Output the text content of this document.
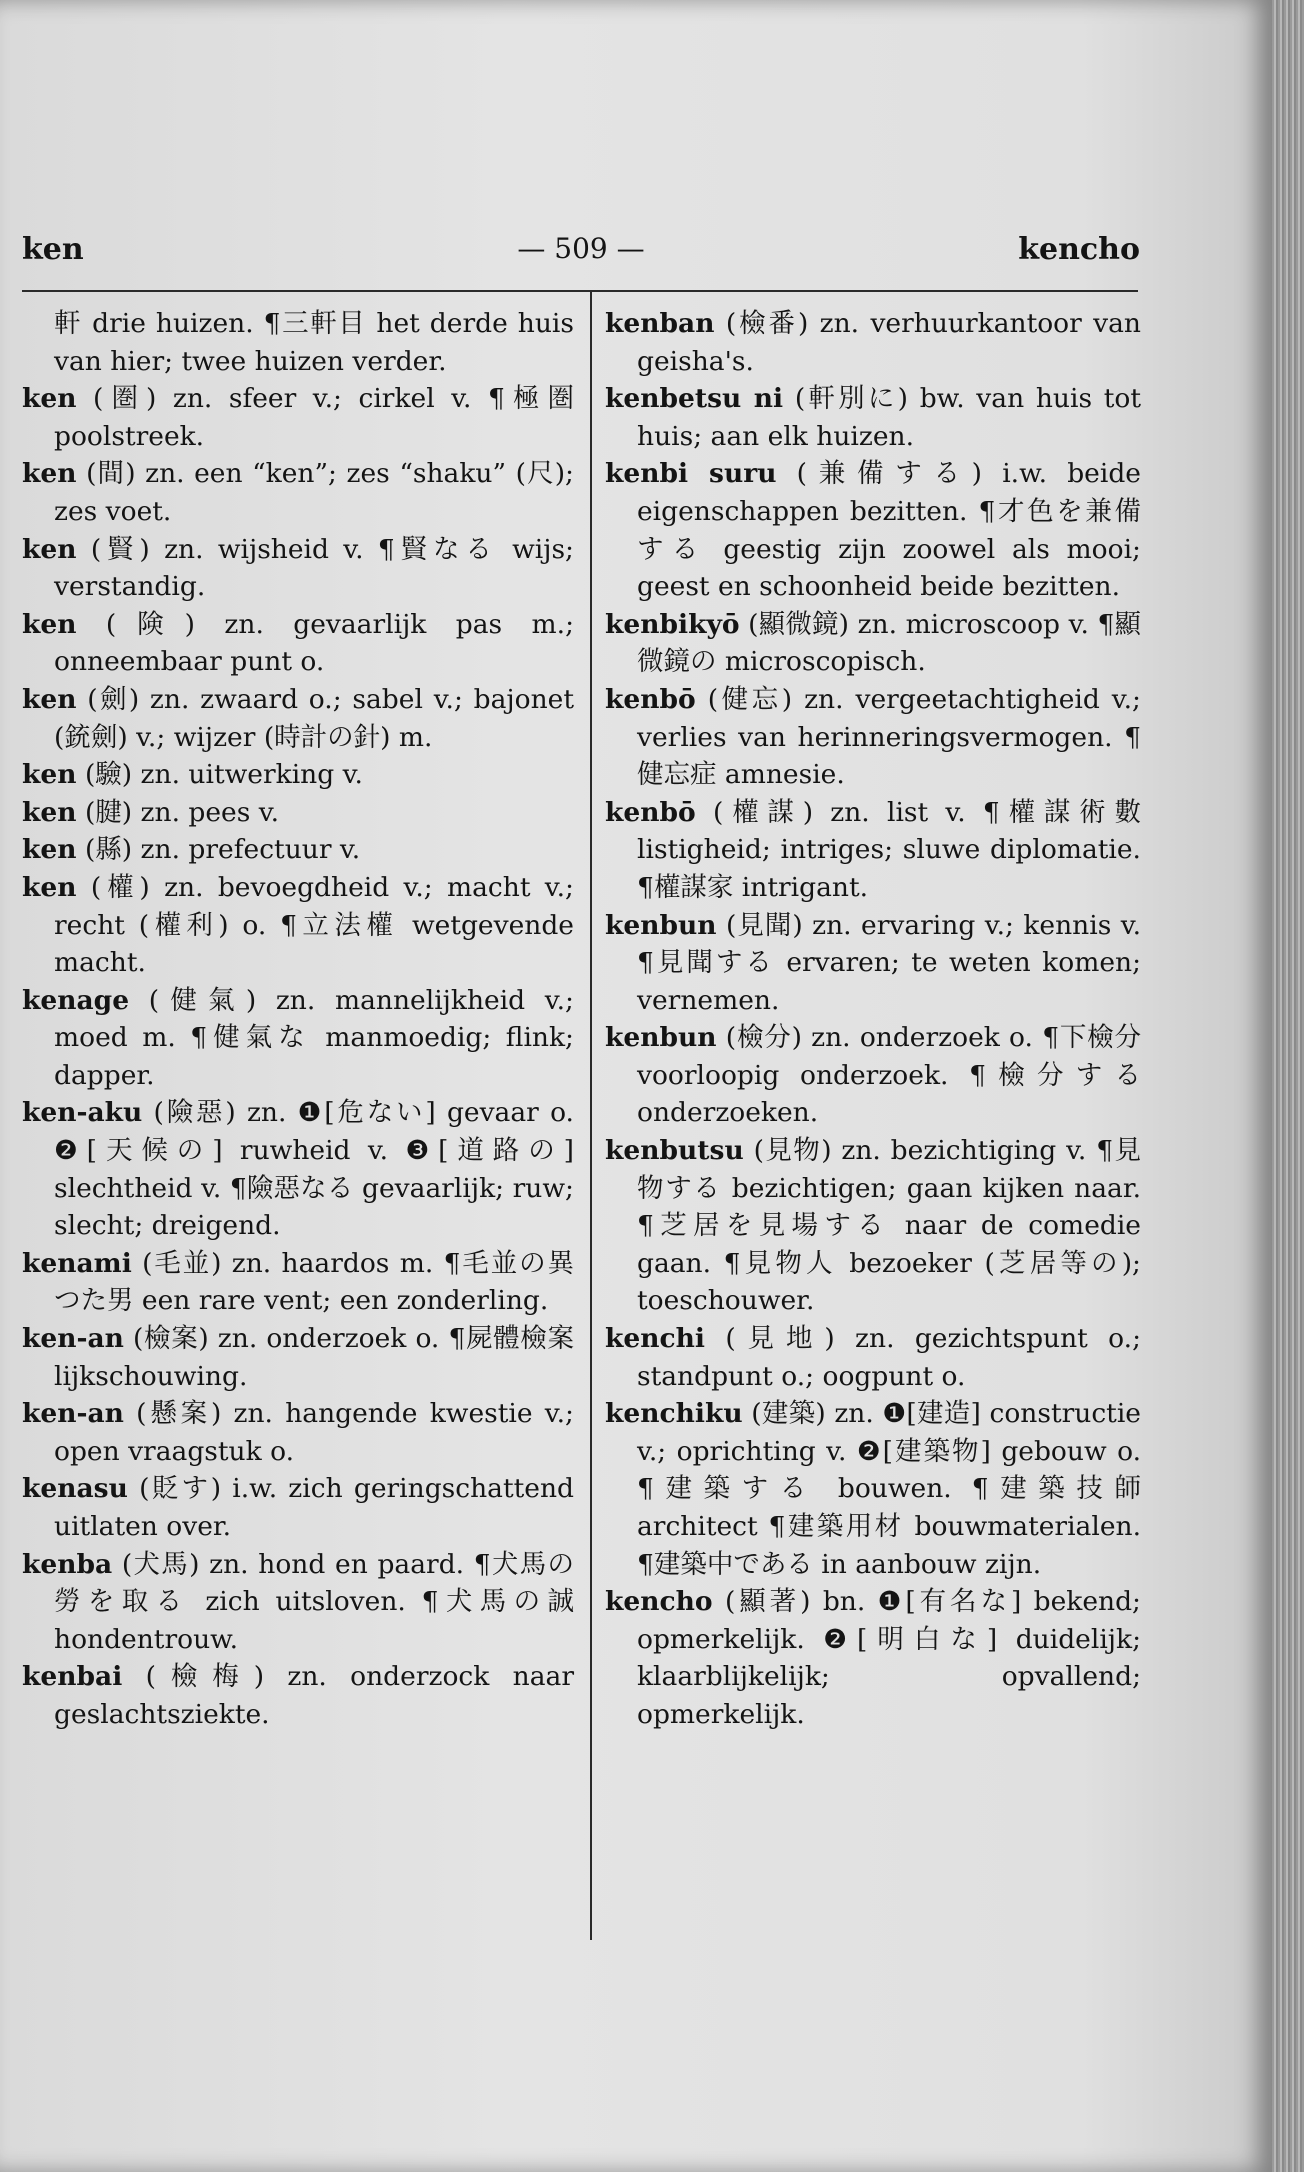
ken	— 509 —	kencho

軒 drie huizen. ¶三軒目 het derde huis van hier; twee huizen verder.

ken (圏) zn. sfeer v.; cirkel v. ¶極圏 poolstreek.

ken (間) zn. een “ken”; zes “shaku” (尺); zes voet.

ken (賢) zn. wijsheid v. ¶賢なる wijs; verstandig.

ken (険) zn. gevaarlijk pas m.; onneembaar punt o.

ken (劍) zn. zwaard o.; sabel v.; bajonet (銃劍) v.; wijzer (時計の針) m.

ken (驗) zn. uitwerking v.

ken (腱) zn. pees v.

ken (縣) zn. prefectuur v.

ken (權) zn. bevoegdheid v.; macht v.; recht (權利) o. ¶立法權 wetgevende macht.

kenage (健氣) zn. mannelijkheid v.; moed m. ¶健氣な manmoedig; flink; dapper.

ken-aku (險惡) zn. ❶[危ない] gevaar o. ❷[天候の] ruwheid v. ❸[道路の] slechtheid v. ¶險惡なる gevaarlijk; ruw; slecht; dreigend.

kenami (毛並) zn. haardos m. ¶毛並の異つた男 een rare vent; een zonderling.

ken-an (檢案) zn. onderzoek o. ¶屍體檢案 lijkschouwing.

ken-an (懸案) zn. hangende kwestie v.; open vraagstuk o.

kenasu (貶す) i.w. zich geringschattend uitlaten over.

kenba (犬馬) zn. hond en paard. ¶犬馬の勞を取る zich uitsloven. ¶犬馬の誠 hondentrouw.

kenbai (檢梅) zn. onderzock naar geslachtsziekte.

kenban (檢番) zn. verhuurkantoor van geisha's.

kenbetsu ni (軒別に) bw. van huis tot huis; aan elk huizen.

kenbi suru (兼備する) i.w. beide eigenschappen bezitten. ¶才色を兼備する geestig zijn zoowel als mooi; geest en schoonheid beide bezitten.

kenbikyō (顯微鏡) zn. microscoop v. ¶顯微鏡の microscopisch.

kenbō (健忘) zn. vergeetachtigheid v.; verlies van herinneringsvermogen. ¶健忘症 amnesie.

kenbō (權謀) zn. list v. ¶權謀術數 listigheid; intriges; sluwe diplomatie. ¶權謀家 intrigant.

kenbun (見聞) zn. ervaring v.; kennis v. ¶見聞する ervaren; te weten komen; vernemen.

kenbun (檢分) zn. onderzoek o. ¶下檢分 voorloopig onderzoek. ¶檢分する onderzoeken.

kenbutsu (見物) zn. bezichtiging v. ¶見物する bezichtigen; gaan kijken naar. ¶芝居を見場する naar de comedie gaan. ¶見物人 bezoeker (芝居等の); toeschouwer.

kenchi (見地) zn. gezichtspunt o.; standpunt o.; oogpunt o.

kenchiku (建築) zn. ❶[建造] constructie v.; oprichting v. ❷[建築物] gebouw o. ¶建築する bouwen. ¶建築技師 architect ¶建築用材 bouwmaterialen. ¶建築中である in aanbouw zijn.

kencho (顯著) bn. ❶[有名な] bekend; opmerkelijk. ❷[明白な] duidelijk; klaarblijkelijk; opvallend; opmerkelijk.
